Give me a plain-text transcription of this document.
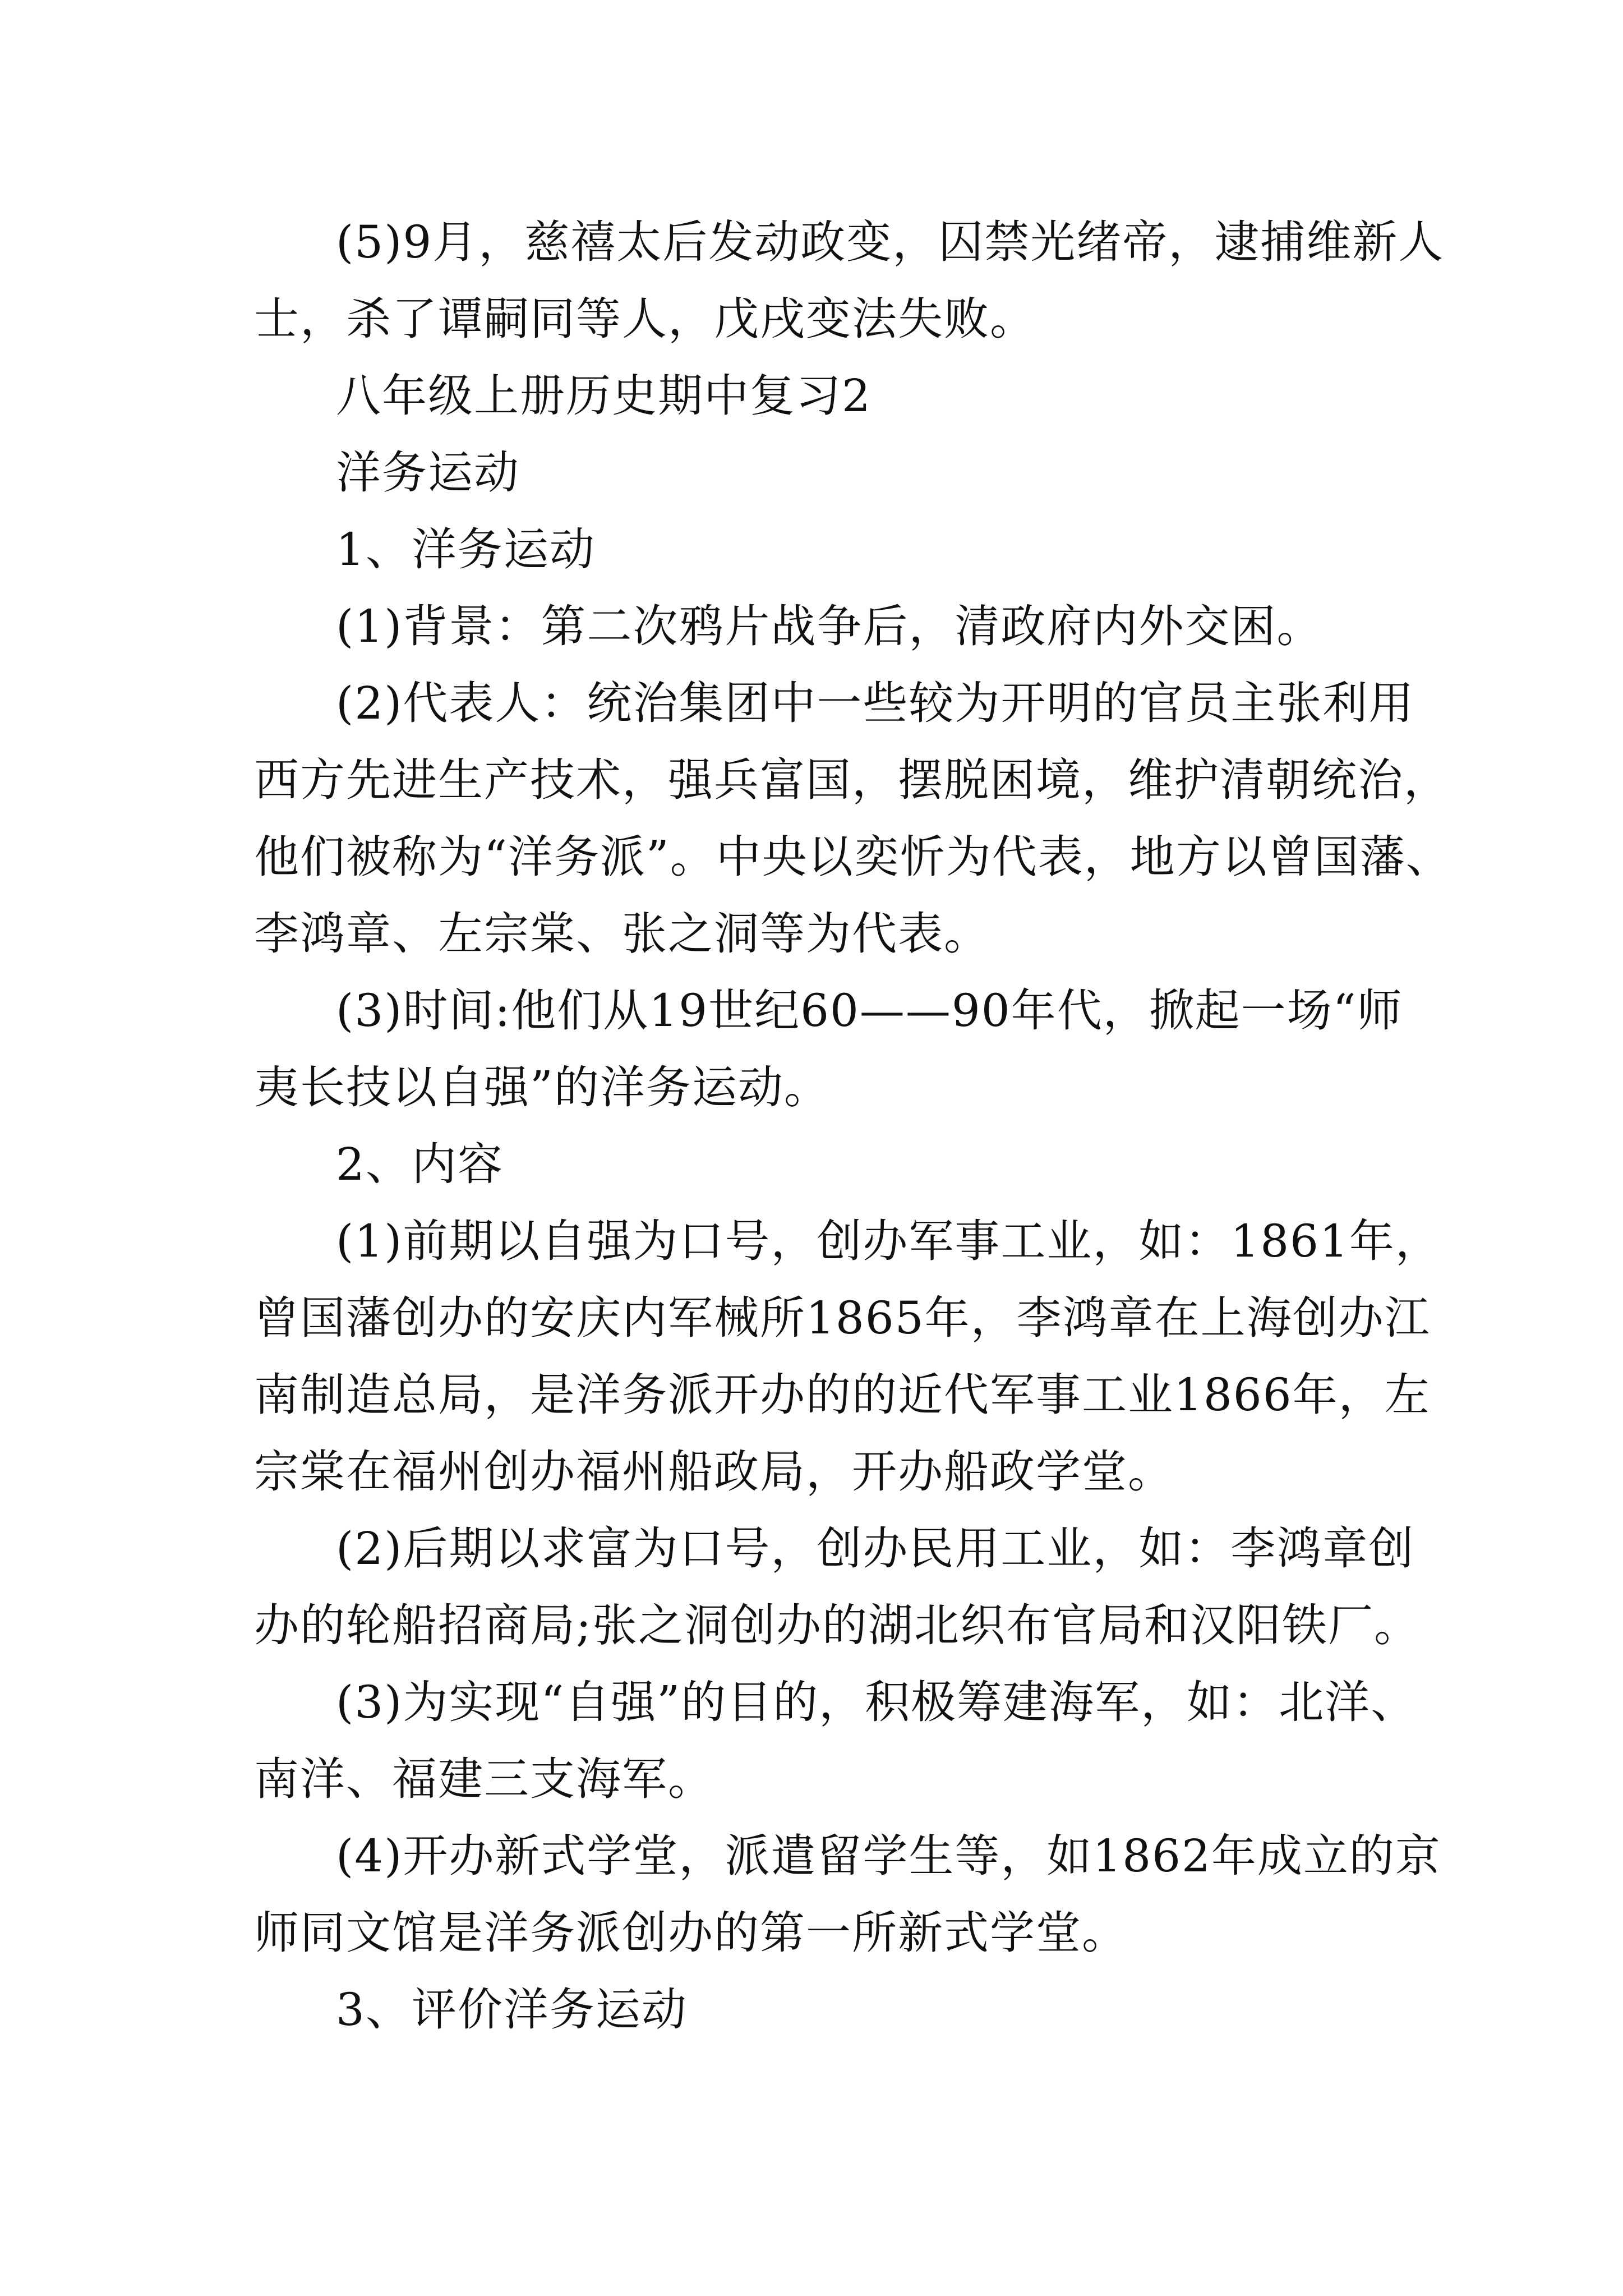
(5)9月，慈禧太后发动政变，囚禁光绪帝，逮捕维新人
士，杀了谭嗣同等人，戊戌变法失败。
八年级上册历史期中复习2
洋务运动
1、洋务运动
(1)背景：第二次鸦片战争后，清政府内外交困。
(2)代表人：统治集团中一些较为开明的官员主张利用
西方先进生产技术，强兵富国，摆脱困境，维护清朝统治，
他们被称为“洋务派”。中央以奕忻为代表，地方以曾国藩、
李鸿章、左宗棠、张之洞等为代表。
(3)时间:他们从19世纪60——90年代，掀起一场“师
夷长技以自强”的洋务运动。
2、内容
(1)前期以自强为口号，创办军事工业，如：1861年，
曾国藩创办的安庆内军械所1865年，李鸿章在上海创办江
南制造总局，是洋务派开办的的近代军事工业1866年，左
宗棠在福州创办福州船政局，开办船政学堂。
(2)后期以求富为口号，创办民用工业，如：李鸿章创
办的轮船招商局;张之洞创办的湖北织布官局和汉阳铁厂。
(3)为实现“自强”的目的，积极筹建海军，如：北洋、
南洋、福建三支海军。
(4)开办新式学堂，派遣留学生等，如1862年成立的京
师同文馆是洋务派创办的第一所新式学堂。
3、评价洋务运动
